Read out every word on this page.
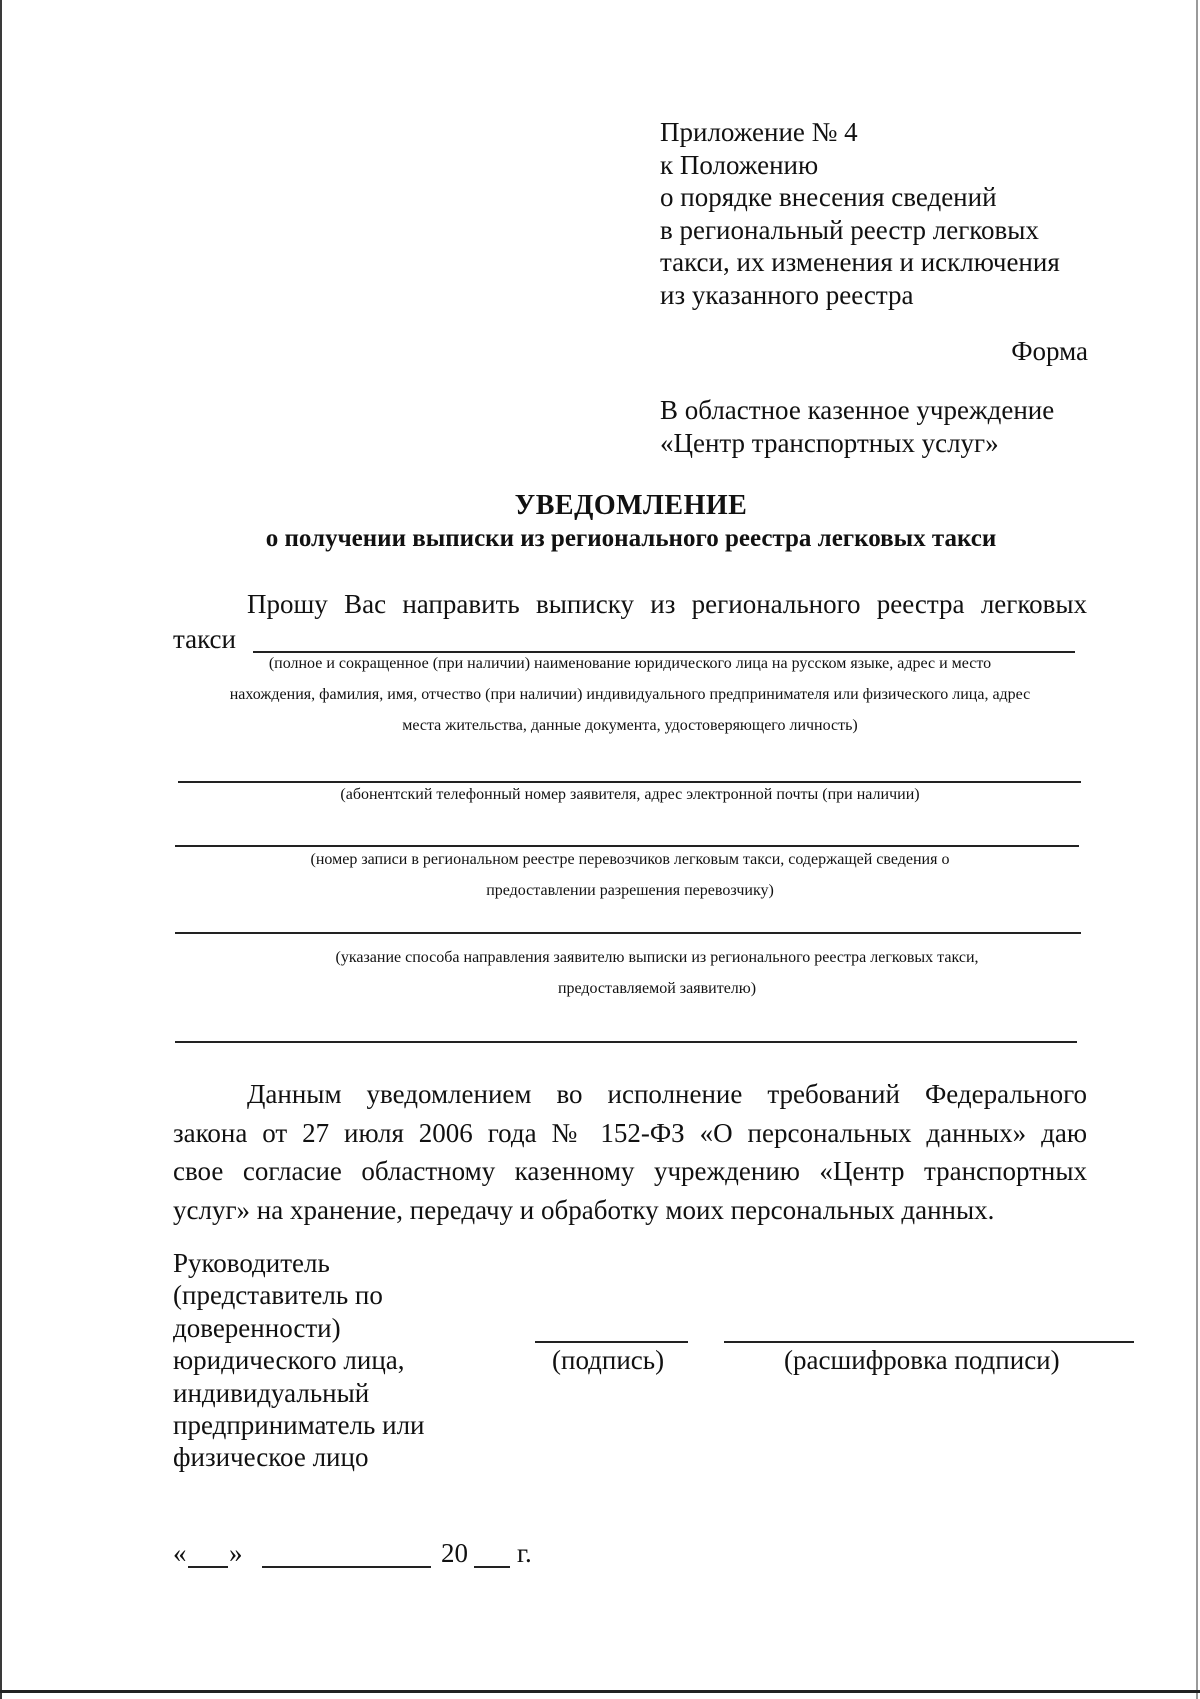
Приложение № 4
к Положению
о порядке внесения сведений
в региональный реестр легковых
такси, их изменения и исключения
из указанного реестра
Форма
В областное казенное учреждение
«Центр транспортных услуг»
УВЕДОМЛЕНИЕ
о получении выписки из регионального реестра легковых такси
Прошу Вас направить выписку из регионального реестра легковых
такси
(полное и сокращенное (при наличии) наименование юридического лица на русском языке, адрес и место
нахождения, фамилия, имя, отчество (при наличии) индивидуального предпринимателя или физического лица, адрес
места жительства, данные документа, удостоверяющего личность)
(абонентский телефонный номер заявителя, адрес электронной почты (при наличии)
(номер записи в региональном реестре перевозчиков легковым такси, содержащей сведения о
предоставлении разрешения перевозчику)
(указание способа направления заявителю выписки из регионального реестра легковых такси,
предоставляемой заявителю)
Данным уведомлением во исполнение требований Федерального
закона от 27 июля 2006 года № 152-ФЗ «О персональных данных» даю
свое согласие областному казенному учреждению «Центр транспортных
услуг» на хранение, передачу и обработку моих персональных данных.
Руководитель
(представитель по
доверенности)
юридического лица,
индивидуальный
предприниматель или
физическое лицо
(подпись)	(расшифровка подписи)
« »	20 г.
